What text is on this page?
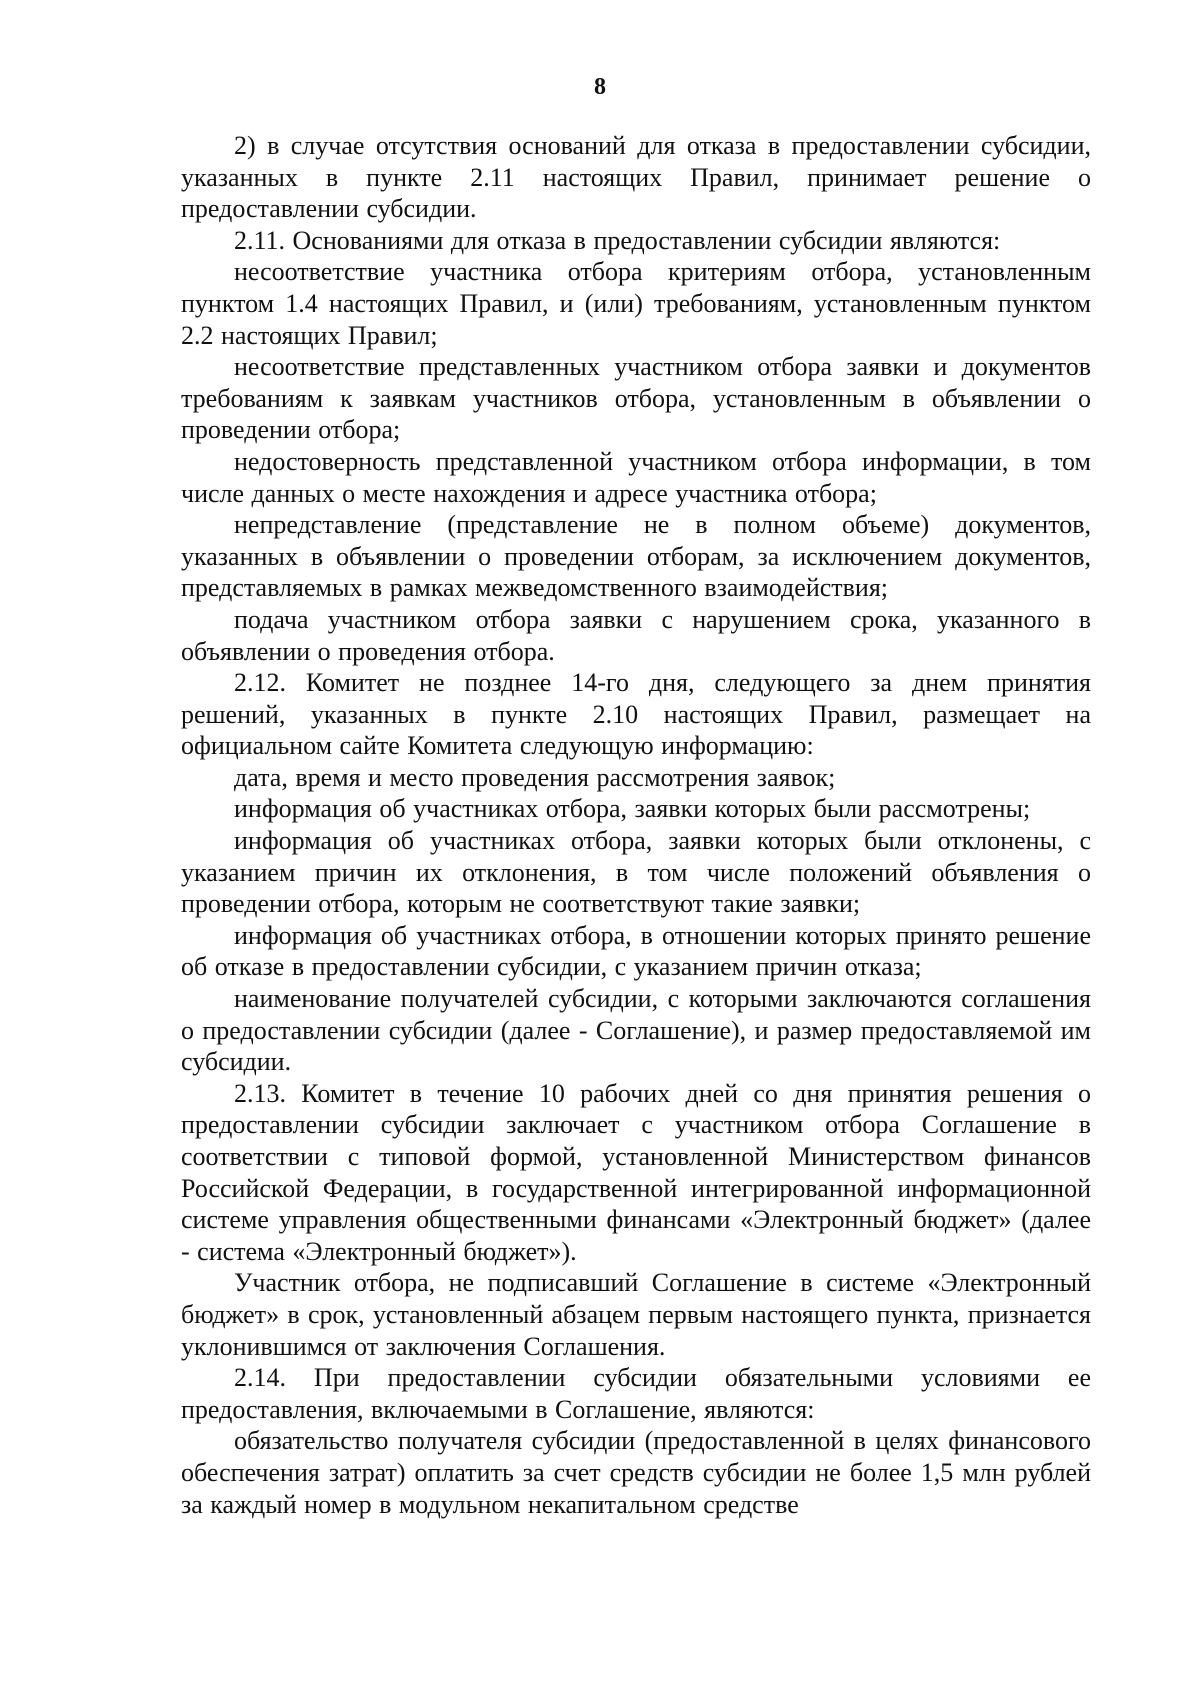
8

2) в случае отсутствия оснований для отказа в предоставлении субсидии, указанных в пункте 2.11 настоящих Правил, принимает решение о предоставлении субсидии.

2.11. Основаниями для отказа в предоставлении субсидии являются:

несоответствие участника отбора критериям отбора, установленным пунктом 1.4 настоящих Правил, и (или) требованиям, установленным пунктом 2.2 настоящих Правил;

несоответствие представленных участником отбора заявки и документов требованиям к заявкам участников отбора, установленным в объявлении о проведении отбора;

недостоверность представленной участником отбора информации, в том числе данных о месте нахождения и адресе участника отбора;

непредставление (представление не в полном объеме) документов, указанных в объявлении о проведении отборам, за исключением документов, представляемых в рамках межведомственного взаимодействия;

подача участником отбора заявки с нарушением срока, указанного в объявлении о проведения отбора.

2.12. Комитет не позднее 14-го дня, следующего за днем принятия решений, указанных в пункте 2.10 настоящих Правил, размещает на официальном сайте Комитета следующую информацию:

дата, время и место проведения рассмотрения заявок;

информация об участниках отбора, заявки которых были рассмотрены;

информация об участниках отбора, заявки которых были отклонены, с указанием причин их отклонения, в том числе положений объявления о проведении отбора, которым не соответствуют такие заявки;

информация об участниках отбора, в отношении которых принято решение об отказе в предоставлении субсидии, с указанием причин отказа;

наименование получателей субсидии, с которыми заключаются соглашения о предоставлении субсидии (далее - Соглашение), и размер предоставляемой им субсидии.

2.13. Комитет в течение 10 рабочих дней со дня принятия решения о предоставлении субсидии заключает с участником отбора Соглашение в соответствии с типовой формой, установленной Министерством финансов Российской Федерации, в государственной интегрированной информационной системе управления общественными финансами «Электронный бюджет» (далее - система «Электронный бюджет»).

Участник отбора, не подписавший Соглашение в системе «Электронный бюджет» в срок, установленный абзацем первым настоящего пункта, признается уклонившимся от заключения Соглашения.

2.14. При предоставлении субсидии обязательными условиями ее предоставления, включаемыми в Соглашение, являются:

обязательство получателя субсидии (предоставленной в целях финансового обеспечения затрат) оплатить за счет средств субсидии не более 1,5 млн рублей за каждый номер в модульном некапитальном средстве
